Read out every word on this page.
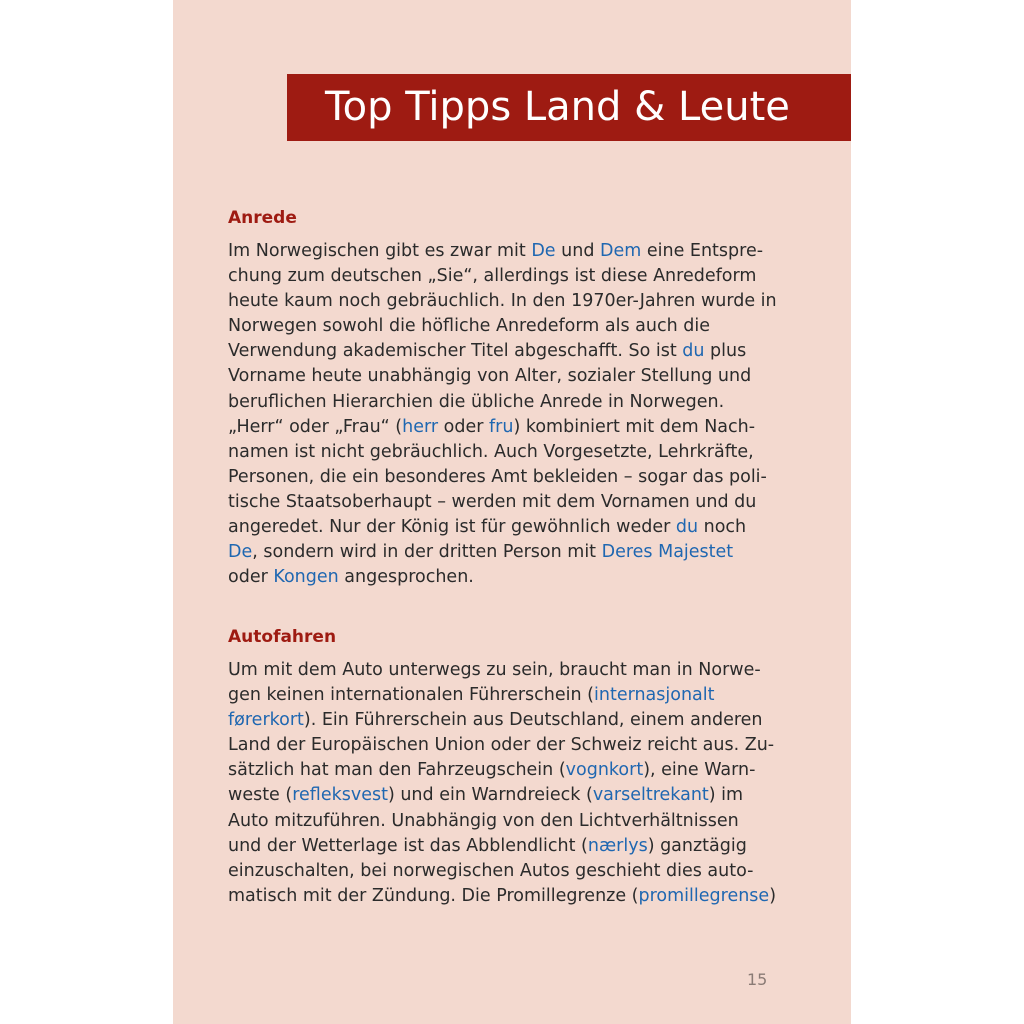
Top Tipps Land & Leute
Anrede

Im Norwegischen gibt es zwar mit De und Dem eine Entspre-
chung zum deutschen „Sie“, allerdings ist diese Anredeform
heute kaum noch gebräuchlich. In den 1970er-Jahren wurde in
Norwegen sowohl die höfliche Anredeform als auch die
Verwendung akademischer Titel abgeschafft. So ist du plus
Vorname heute unabhängig von Alter, sozialer Stellung und
beruflichen Hierarchien die übliche Anrede in Norwegen.
„Herr“ oder „Frau“ (herr oder fru) kombiniert mit dem Nach-
namen ist nicht gebräuchlich. Auch Vorgesetzte, Lehrkräfte,
Personen, die ein besonderes Amt bekleiden – sogar das poli-
tische Staatsoberhaupt – werden mit dem Vornamen und du
angeredet. Nur der König ist für gewöhnlich weder du noch
De, sondern wird in der dritten Person mit Deres Majestet
oder Kongen angesprochen.

Autofahren

Um mit dem Auto unterwegs zu sein, braucht man in Norwe-
gen keinen internationalen Führerschein (internasjonalt
førerkort). Ein Führerschein aus Deutschland, einem anderen
Land der Europäischen Union oder der Schweiz reicht aus. Zu-
sätzlich hat man den Fahrzeugschein (vognkort), eine Warn-
weste (refleksvest) und ein Warndreieck (varseltrekant) im
Auto mitzuführen. Unabhängig von den Lichtverhältnissen
und der Wetterlage ist das Abblendlicht (nærlys) ganztägig
einzuschalten, bei norwegischen Autos geschieht dies auto-
matisch mit der Zündung. Die Promillegrenze (promillegrense)

15
